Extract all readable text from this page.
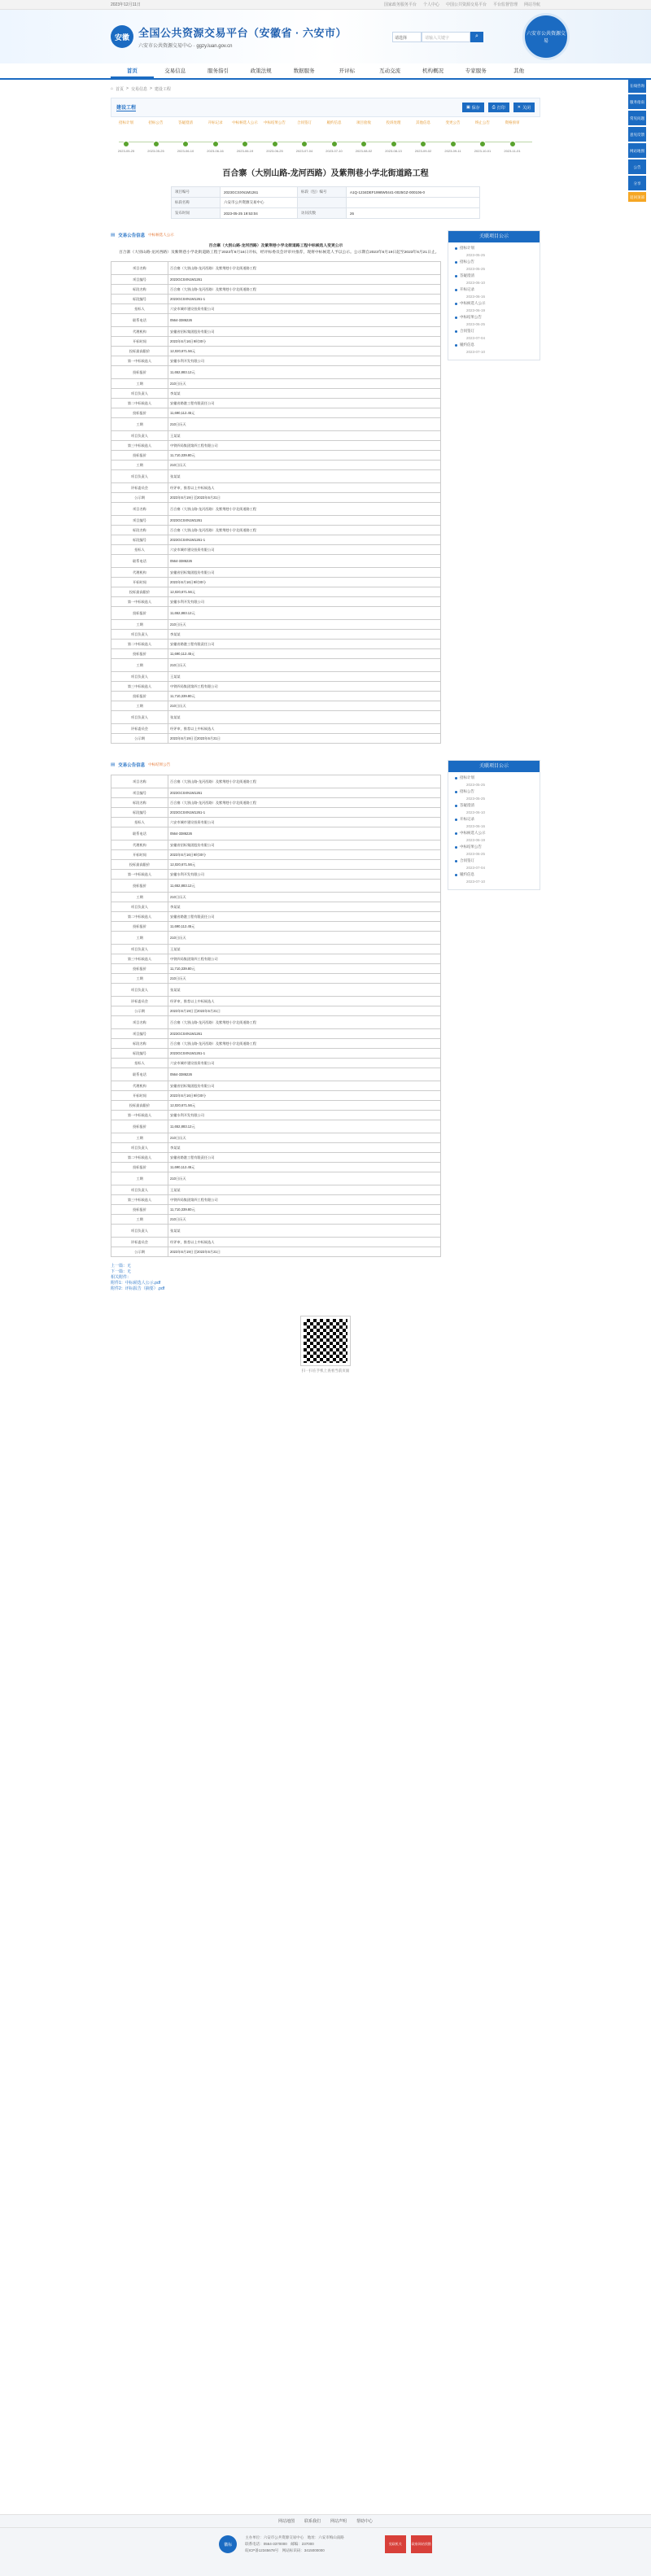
2023年12月11日	国家政务服务平台 个人中心 中国公共资源交易平台 平台监督管理 网站导航
安徽 全国公共资源交易平台（安徽省 · 六安市）
六安市公共资源交易中心 · ggzy.luan.gov.cn
请选择	请输入关键字	⌕	六安市公共资源交易
首页	交易信息	服务指引	政策法规	数据服务	开评标	互动交流	机构概况	专家服务	其他
在线咨询
服务指南
常见问题
意见反馈
网站地图
公告
分享
返回顶部
⌂ 首页 > 交易信息 > 建设工程
建设工程	▣ 保存	⎙ 打印	✕ 关闭
招标计划
2023-05-25
招标公告
2023-05-25
答疑澄清
2023-06-10
开标记录
2023-06-16
中标候选人公示
2023-06-19
中标结果公告
2023-06-25
合同签订
2023-07-04
履约信息
2023-07-10
项目验收
2023-08-02
投诉处理
2023-08-13
其他信息
2023-09-02
变更公告
2023-09-11
终止公告
2023-10-01
资格预审
2023-11-01
百合寨（大别山路-龙河西路）及紫荆巷小学北街道路工程
项目编号	2023GCSXN1M1261	标段（包）编号	A1Q-1234DEF1998W0441-0025GZ-000106-0
标段名称	六安市公共资源交易中心		
发布时间	2023-05-25 19:53:04	访问次数	26
▤ 交易公告信息 中标候选人公示
百合寨（大别山路-龙河西路）及紫荆巷小学北街道路工程中标候选人变更公示

百合寨（大别山路-龙河西路）及紫荆巷小学北街道路工程于2023年6月16日开标，经评标委员会评审并推荐，现将中标候选人予以公示。公示期自2023年6月19日起至2023年6月21日止。

项目名称	百合寨（大别山路-龙河西路）及紫荆巷小学北街道路工程
项目编号	2023GCSXN1M1261
标段名称	百合寨（大别山路-龙河西路）及紫荆巷小学北街道路工程
标段编号	2023GCSXN1M1261-1
招标人	六安市城市建设投资有限公司
联系电话	0564-3386226
代理机构	安徽省招标集团股份有限公司
开标时间	2023年6月16日9时30分
投标最高限价	12,020,671.56元
第一中标候选人	安徽水利开发有限公司
投标报价	11,652,883.12元
工期	210日历天
项目负责人	李某某
第二中标候选人	安徽省路港工程有限责任公司
投标报价	11,690,112.45元
工期	210日历天
项目负责人	王某某
第三中标候选人	中铁四局集团第四工程有限公司
投标报价	11,710,339.80元
工期	210日历天
项目负责人	张某某
评标委员会	经评审，推荐以上中标候选人
公示期	2023年6月19日至2023年6月21日
项目名称	百合寨（大别山路-龙河西路）及紫荆巷小学北街道路工程
项目编号	2023GCSXN1M1261
标段名称	百合寨（大别山路-龙河西路）及紫荆巷小学北街道路工程
标段编号	2023GCSXN1M1261-1
招标人	六安市城市建设投资有限公司
联系电话	0564-3386226
代理机构	安徽省招标集团股份有限公司
开标时间	2023年6月16日9时30分
投标最高限价	12,020,671.56元
第一中标候选人	安徽水利开发有限公司
投标报价	11,652,883.12元
工期	210日历天
项目负责人	李某某
第二中标候选人	安徽省路港工程有限责任公司
投标报价	11,690,112.45元
工期	210日历天
项目负责人	王某某
第三中标候选人	中铁四局集团第四工程有限公司
投标报价	11,710,339.80元
工期	210日历天
项目负责人	张某某
评标委员会	经评审，推荐以上中标候选人
公示期	2023年6月19日至2023年6月21日
关联项目公示
招标计划
2023-05-25
招标公告
2023-05-25
答疑澄清
2023-06-10
开标记录
2023-06-16
中标候选人公示
2023-06-19
中标结果公告
2023-06-25
合同签订
2023-07-04
履约信息
2023-07-10
▤ 交易公告信息 中标结果公告
项目名称	百合寨（大别山路-龙河西路）及紫荆巷小学北街道路工程
项目编号	2023GCSXN1M1261
标段名称	百合寨（大别山路-龙河西路）及紫荆巷小学北街道路工程
标段编号	2023GCSXN1M1261-1
招标人	六安市城市建设投资有限公司
联系电话	0564-3386226
代理机构	安徽省招标集团股份有限公司
开标时间	2023年6月16日9时30分
投标最高限价	12,020,671.56元
第一中标候选人	安徽水利开发有限公司
投标报价	11,652,883.12元
工期	210日历天
项目负责人	李某某
第二中标候选人	安徽省路港工程有限责任公司
投标报价	11,690,112.45元
工期	210日历天
项目负责人	王某某
第三中标候选人	中铁四局集团第四工程有限公司
投标报价	11,710,339.80元
工期	210日历天
项目负责人	张某某
评标委员会	经评审，推荐以上中标候选人
公示期	2023年6月19日至2023年6月21日
项目名称	百合寨（大别山路-龙河西路）及紫荆巷小学北街道路工程
项目编号	2023GCSXN1M1261
标段名称	百合寨（大别山路-龙河西路）及紫荆巷小学北街道路工程
标段编号	2023GCSXN1M1261-1
招标人	六安市城市建设投资有限公司
联系电话	0564-3386226
代理机构	安徽省招标集团股份有限公司
开标时间	2023年6月16日9时30分
投标最高限价	12,020,671.56元
第一中标候选人	安徽水利开发有限公司
投标报价	11,652,883.12元
工期	210日历天
项目负责人	李某某
第二中标候选人	安徽省路港工程有限责任公司
投标报价	11,690,112.45元
工期	210日历天
项目负责人	王某某
第三中标候选人	中铁四局集团第四工程有限公司
投标报价	11,710,339.80元
工期	210日历天
项目负责人	张某某
评标委员会	经评审，推荐以上中标候选人
公示期	2023年6月19日至2023年6月21日
上一篇：无
下一篇：无
相关附件：
附件1：中标候选人公示.pdf
附件2：评标报告（摘要）.pdf
关联项目公示
招标计划
2023-05-25
招标公告
2023-05-25
答疑澄清
2023-06-10
开标记录
2023-06-16
中标候选人公示
2023-06-19
中标结果公告
2023-06-25
合同签订
2023-07-04
履约信息
2023-07-10
扫一扫在手机上查看当前页面
网站地图 联系我们 网站声明 帮助中心
徽标
主办单位：六安市公共资源交易中心　地址：六安市梅山南路
联系电话：0564-3370000　邮编：237000
皖ICP备12345678号　网站标识码：3415000000
党政机关	政府网站找错
